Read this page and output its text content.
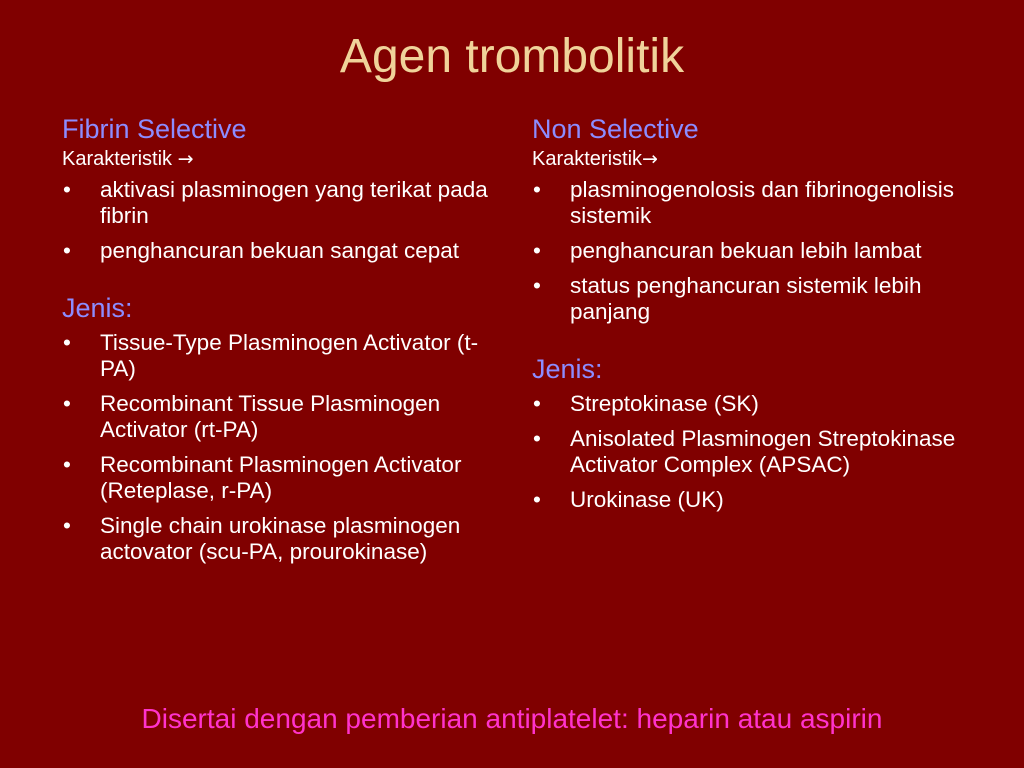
Agen trombolitik
Fibrin Selective
Karakteristik →
• aktivasi plasminogen yang terikat pada fibrin
• penghancuran bekuan sangat cepat
Jenis:
• Tissue-Type Plasminogen Activator (t-PA)
• Recombinant Tissue Plasminogen Activator (rt-PA)
• Recombinant Plasminogen Activator (Reteplase, r-PA)
• Single chain urokinase plasminogen actovator (scu-PA, prourokinase)
Non Selective
Karakteristik→
• plasminogenolosis dan fibrinogenolisis sistemik
• penghancuran bekuan lebih lambat
• status penghancuran sistemik lebih panjang
Jenis:
• Streptokinase (SK)
• Anisolated Plasminogen Streptokinase Activator Complex (APSAC)
• Urokinase (UK)
Disertai dengan pemberian antiplatelet: heparin atau aspirin
